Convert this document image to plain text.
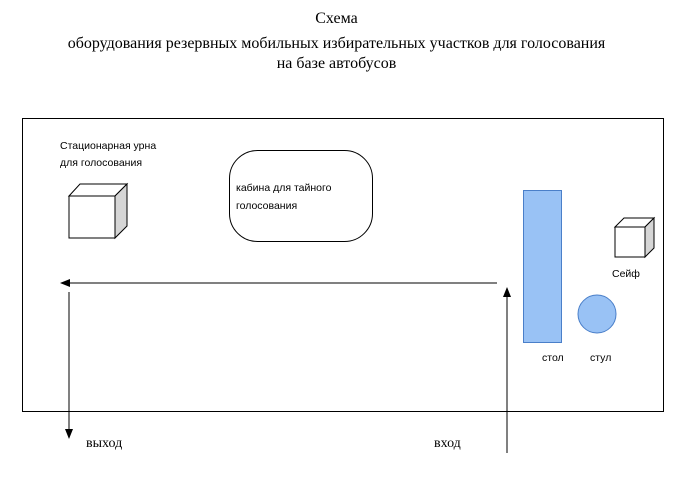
Схема
оборудования резервных мобильных избирательных участков для голосования
на базе автобусов
Стационарная урна
для голосования
кабина для тайного
голосования
Сейф
стол	стул
выход	вход
